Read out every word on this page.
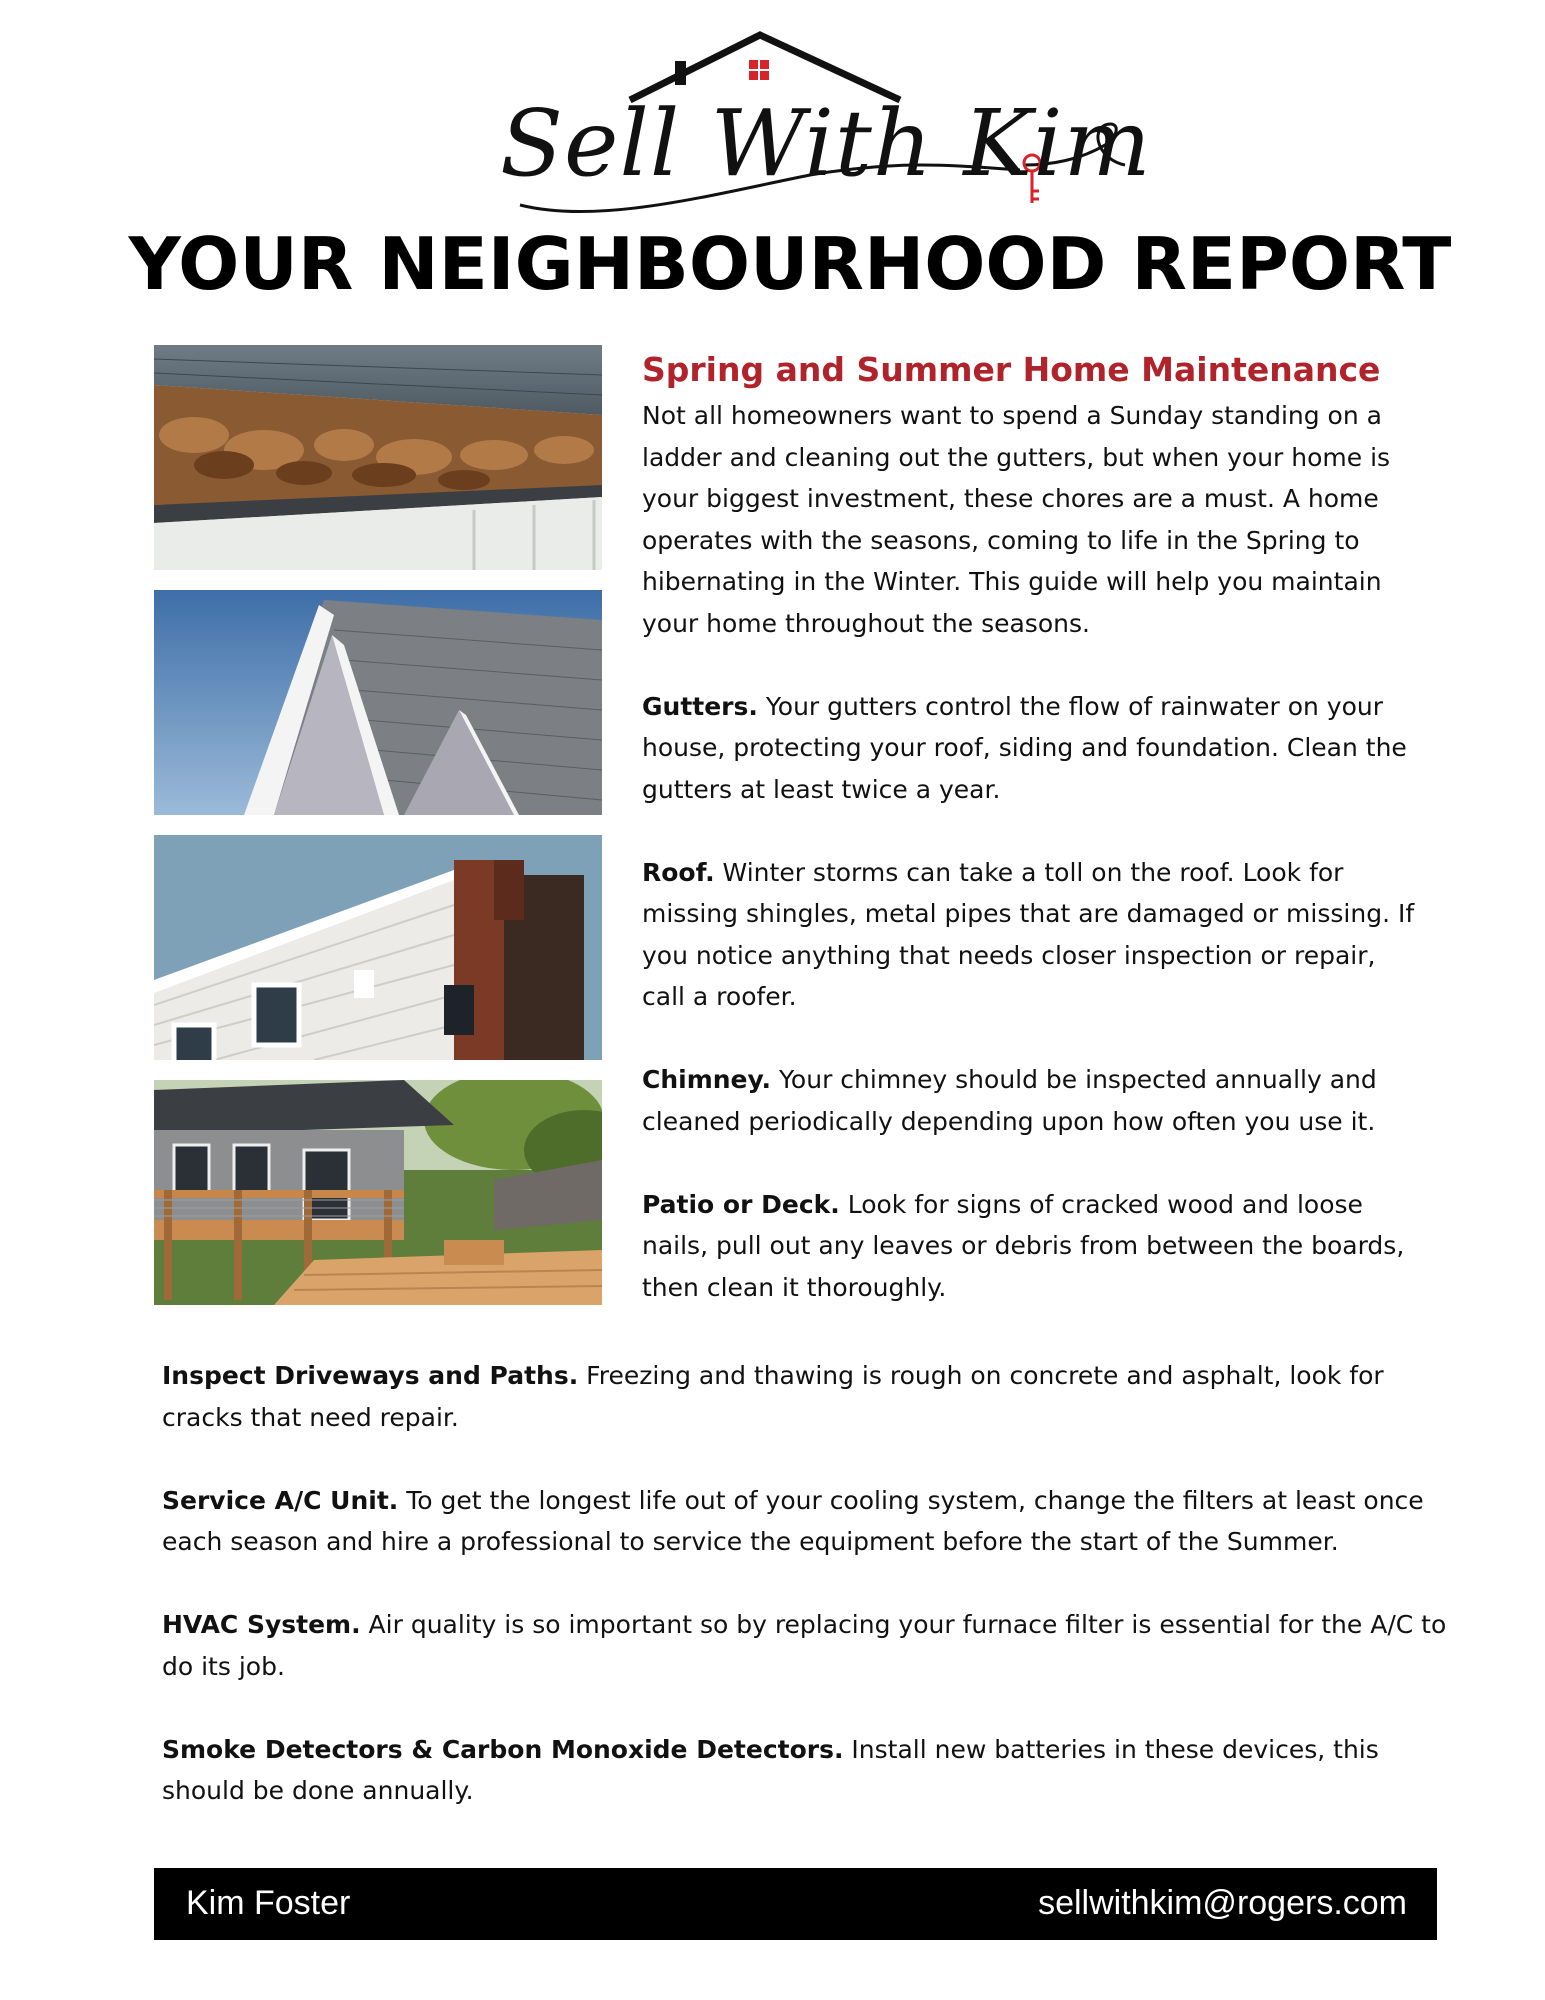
Sell With Kim
YOUR NEIGHBOURHOOD REPORT
Spring and Summer Home Maintenance

Not all homeowners want to spend a Sunday standing on a ladder and cleaning out the gutters, but when your home is your biggest investment, these chores are a must. A home operates with the seasons, coming to life in the Spring to hibernating in the Winter. This guide will help you maintain your home throughout the seasons.

Gutters. Your gutters control the flow of rainwater on your house, protecting your roof, siding and foundation. Clean the gutters at least twice a year.

Roof. Winter storms can take a toll on the roof. Look for missing shingles, metal pipes that are damaged or missing. If you notice anything that needs closer inspection or repair, call a roofer.

Chimney. Your chimney should be inspected annually and cleaned periodically depending upon how often you use it.

Patio or Deck. Look for signs of cracked wood and loose nails, pull out any leaves or debris from between the boards, then clean it thoroughly.

Inspect Driveways and Paths. Freezing and thawing is rough on concrete and asphalt, look for cracks that need repair.

Service A/C Unit. To get the longest life out of your cooling system, change the filters at least once each season and hire a professional to service the equipment before the start of the Summer.

HVAC System. Air quality is so important so by replacing your furnace filter is essential for the A/C to do its job.

Smoke Detectors & Carbon Monoxide Detectors. Install new batteries in these devices, this should be done annually.

Kim Foster	sellwithkim@rogers.com
